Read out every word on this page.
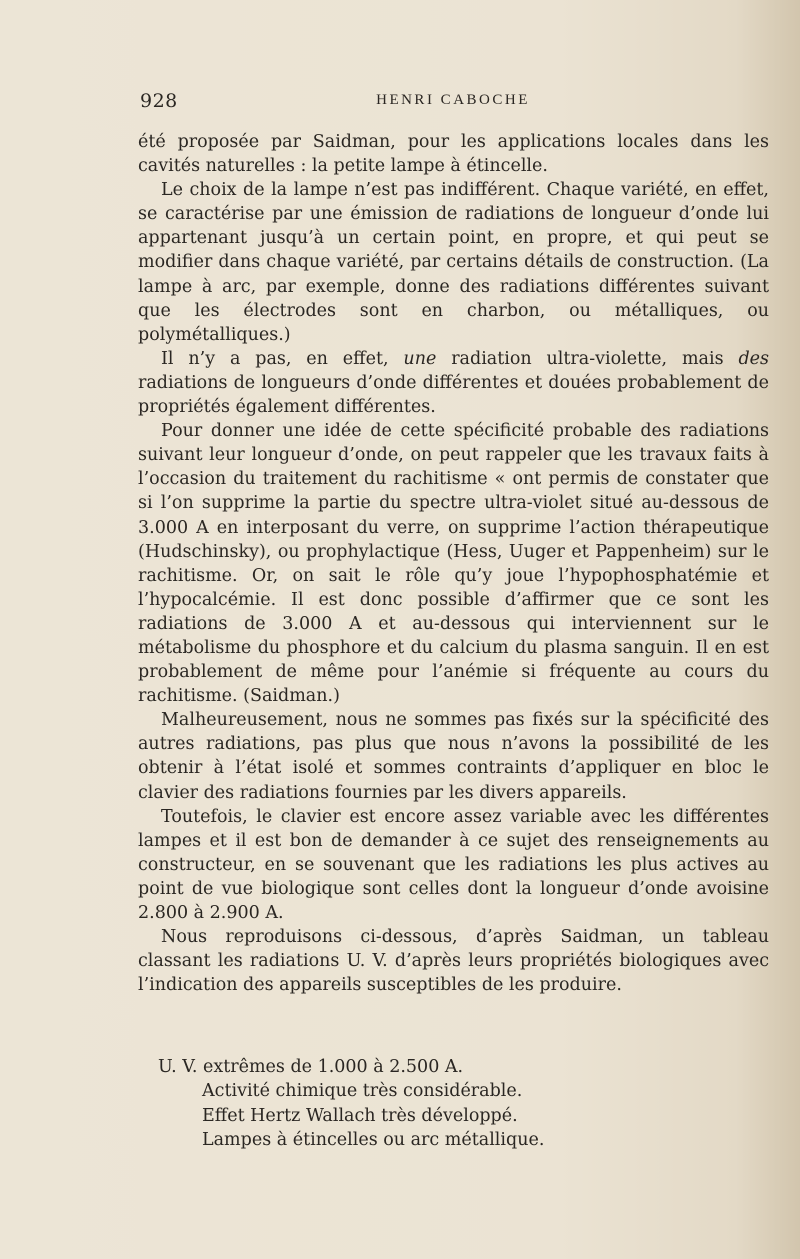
928	HENRI CABOCHE

été proposée par Saidman, pour les applications locales dans les cavités naturelles : la petite lampe à étincelle.

Le choix de la lampe n’est pas indifférent. Chaque variété, en effet, se caractérise par une émission de radiations de longueur d’onde lui appartenant jusqu’à un certain point, en propre, et qui peut se modifier dans chaque variété, par certains détails de construction. (La lampe à arc, par exemple, donne des radiations différentes suivant que les électrodes sont en charbon, ou métalliques, ou polymétalliques.)

Il n’y a pas, en effet, une radiation ultra-violette, mais des radiations de longueurs d’onde différentes et douées probablement de propriétés également différentes.

Pour donner une idée de cette spécificité probable des radiations suivant leur longueur d’onde, on peut rappeler que les travaux faits à l’occasion du traitement du rachitisme « ont permis de constater que si l’on supprime la partie du spectre ultra-violet situé au-dessous de 3.000 A en interposant du verre, on supprime l’action thérapeutique (Hudschinsky), ou prophylactique (Hess, Uuger et Pappenheim) sur le rachitisme. Or, on sait le rôle qu’y joue l’hypophosphatémie et l’hypocalcémie. Il est donc possible d’affirmer que ce sont les radiations de 3.000 A et au-dessous qui interviennent sur le métabolisme du phosphore et du calcium du plasma sanguin. Il en est probablement de même pour l’anémie si fréquente au cours du rachitisme. (Saidman.)

Malheureusement, nous ne sommes pas fixés sur la spécificité des autres radiations, pas plus que nous n’avons la possibilité de les obtenir à l’état isolé et sommes contraints d’appliquer en bloc le clavier des radiations fournies par les divers appareils.

Toutefois, le clavier est encore assez variable avec les différentes lampes et il est bon de demander à ce sujet des renseignements au constructeur, en se souvenant que les radiations les plus actives au point de vue biologique sont celles dont la longueur d’onde avoisine 2.800 à 2.900 A.

Nous reproduisons ci-dessous, d’après Saidman, un tableau classant les radiations U. V. d’après leurs propriétés biologiques avec l’indication des appareils susceptibles de les produire.

U. V. extrêmes de 1.000 à 2.500 A.
Activité chimique très considérable.
Effet Hertz Wallach très développé.
Lampes à étincelles ou arc métallique.
